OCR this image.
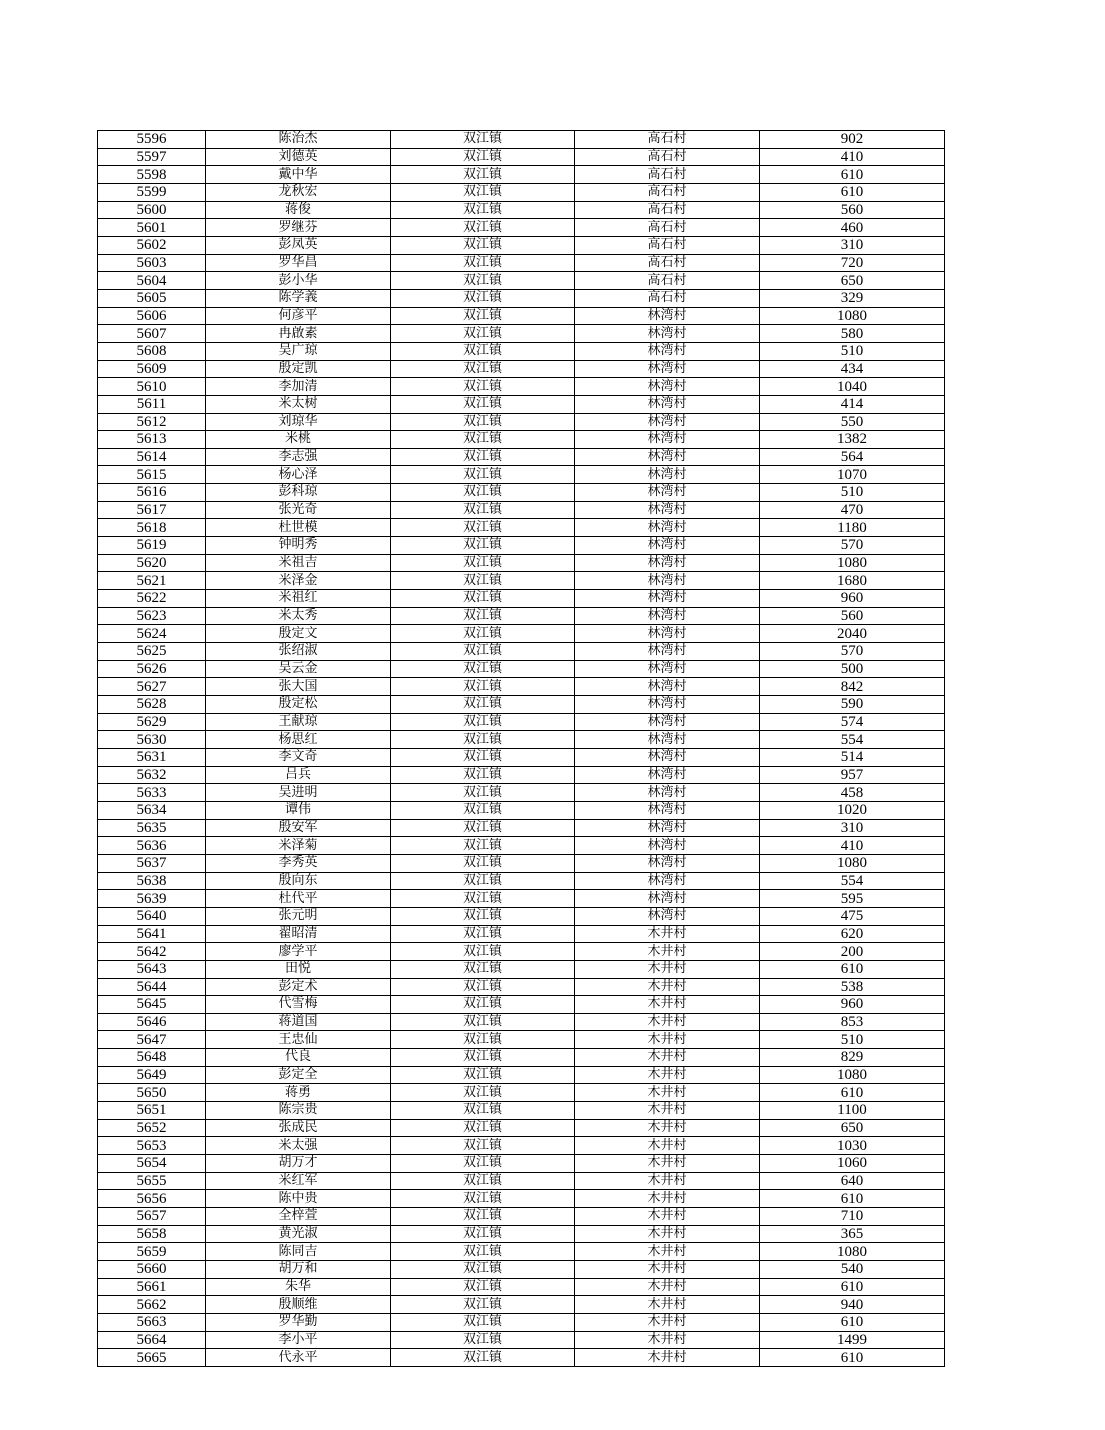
5596	陈治杰	双江镇	高石村	902
5597	刘德英	双江镇	高石村	410
5598	戴中华	双江镇	高石村	610
5599	龙秋宏	双江镇	高石村	610
5600	蒋俊	双江镇	高石村	560
5601	罗继芬	双江镇	高石村	460
5602	彭凤英	双江镇	高石村	310
5603	罗华昌	双江镇	高石村	720
5604	彭小华	双江镇	高石村	650
5605	陈学義	双江镇	高石村	329
5606	何彦平	双江镇	林湾村	1080
5607	冉啟素	双江镇	林湾村	580
5608	吴广琼	双江镇	林湾村	510
5609	殷定凯	双江镇	林湾村	434
5610	李加清	双江镇	林湾村	1040
5611	米太树	双江镇	林湾村	414
5612	刘琼华	双江镇	林湾村	550
5613	米桃	双江镇	林湾村	1382
5614	李志强	双江镇	林湾村	564
5615	杨心泽	双江镇	林湾村	1070
5616	彭科琼	双江镇	林湾村	510
5617	张光奇	双江镇	林湾村	470
5618	杜世模	双江镇	林湾村	1180
5619	钟明秀	双江镇	林湾村	570
5620	米祖吉	双江镇	林湾村	1080
5621	米泽金	双江镇	林湾村	1680
5622	米祖红	双江镇	林湾村	960
5623	米太秀	双江镇	林湾村	560
5624	殷定文	双江镇	林湾村	2040
5625	张绍淑	双江镇	林湾村	570
5626	吴云金	双江镇	林湾村	500
5627	张大国	双江镇	林湾村	842
5628	殷定松	双江镇	林湾村	590
5629	王献琼	双江镇	林湾村	574
5630	杨思红	双江镇	林湾村	554
5631	李文奇	双江镇	林湾村	514
5632	吕兵	双江镇	林湾村	957
5633	吴进明	双江镇	林湾村	458
5634	谭伟	双江镇	林湾村	1020
5635	殷安军	双江镇	林湾村	310
5636	米泽菊	双江镇	林湾村	410
5637	李秀英	双江镇	林湾村	1080
5638	殷向东	双江镇	林湾村	554
5639	杜代平	双江镇	林湾村	595
5640	张元明	双江镇	林湾村	475
5641	翟昭清	双江镇	木井村	620
5642	廖学平	双江镇	木井村	200
5643	田悦	双江镇	木井村	610
5644	彭定术	双江镇	木井村	538
5645	代雪梅	双江镇	木井村	960
5646	蒋道国	双江镇	木井村	853
5647	王忠仙	双江镇	木井村	510
5648	代良	双江镇	木井村	829
5649	彭定全	双江镇	木井村	1080
5650	蒋勇	双江镇	木井村	610
5651	陈宗贵	双江镇	木井村	1100
5652	张成民	双江镇	木井村	650
5653	米太强	双江镇	木井村	1030
5654	胡万才	双江镇	木井村	1060
5655	米红军	双江镇	木井村	640
5656	陈中贵	双江镇	木井村	610
5657	全梓萱	双江镇	木井村	710
5658	黄光淑	双江镇	木井村	365
5659	陈同吉	双江镇	木井村	1080
5660	胡万和	双江镇	木井村	540
5661	朱华	双江镇	木井村	610
5662	殷顺维	双江镇	木井村	940
5663	罗华勤	双江镇	木井村	610
5664	李小平	双江镇	木井村	1499
5665	代永平	双江镇	木井村	610
